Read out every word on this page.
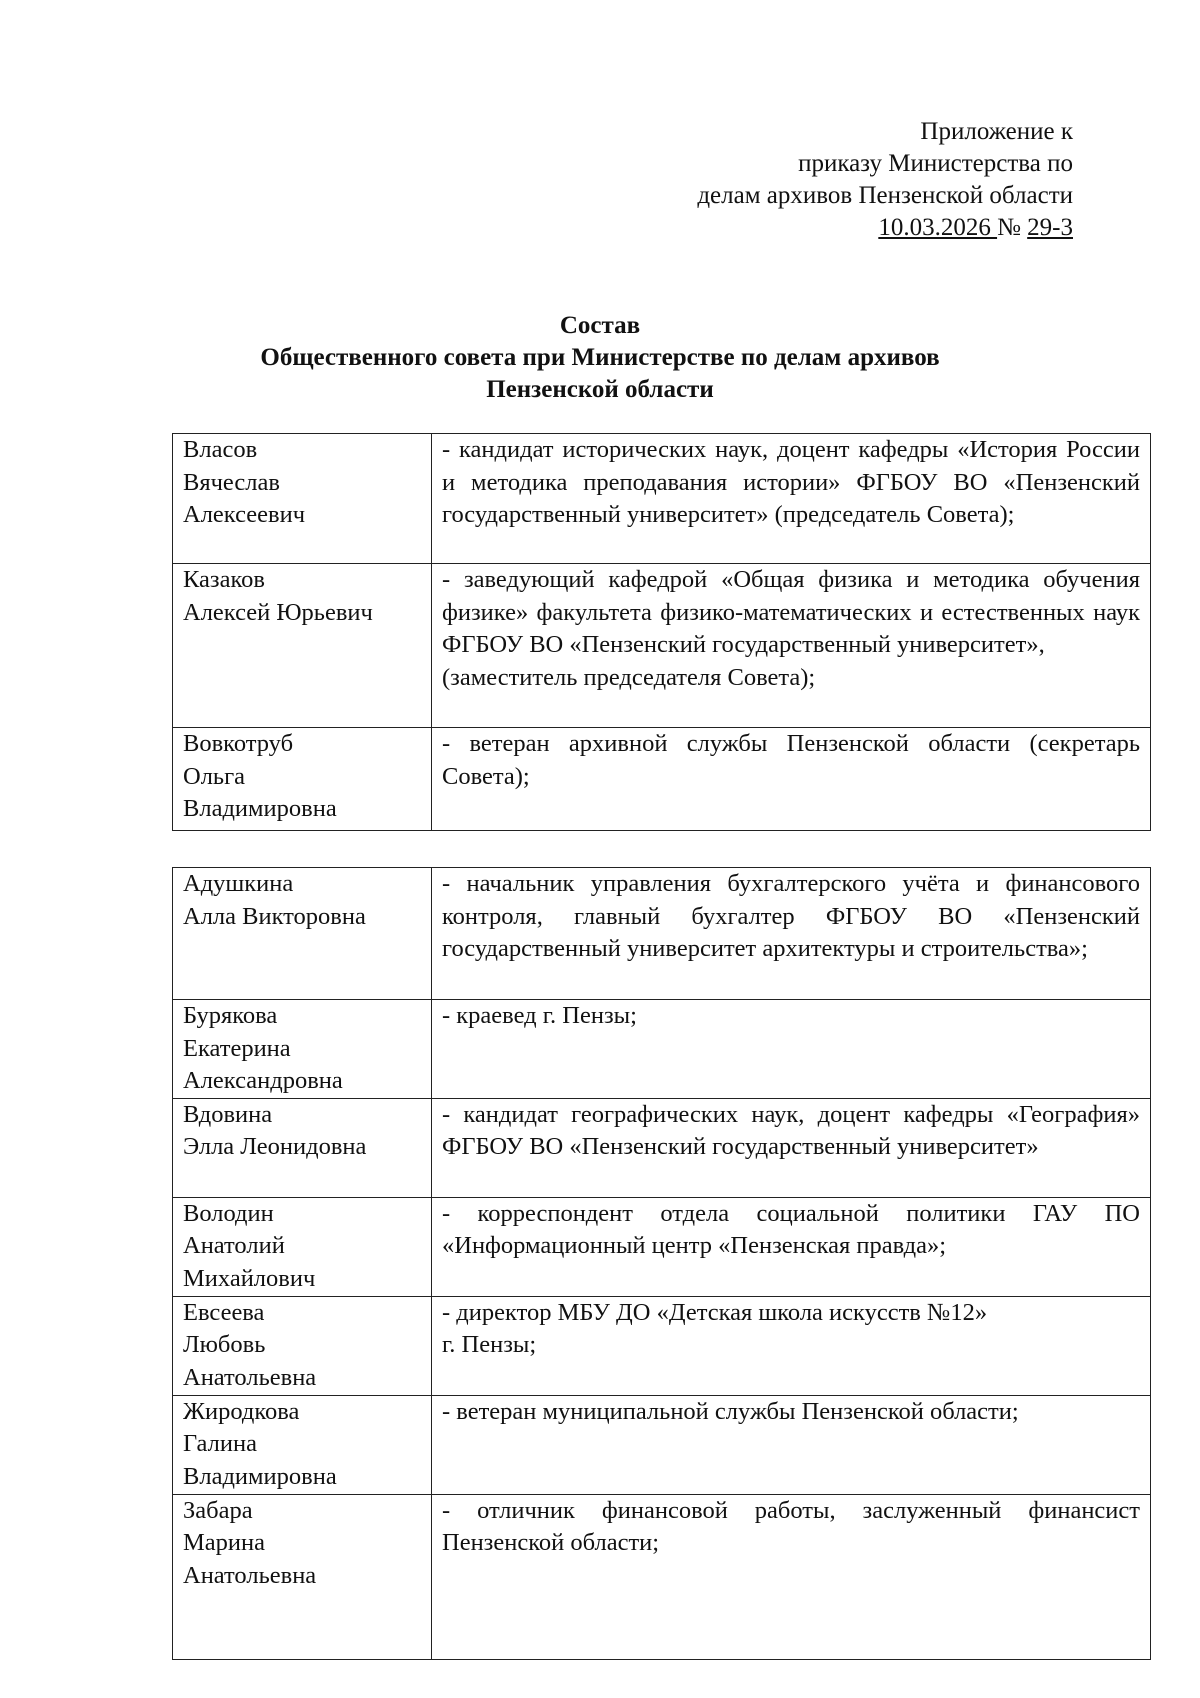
Приложение к
приказу Министерства по
делам архивов Пензенской области
10.03.2026 № 29-3
Состав
Общественного совета при Министерстве по делам архивов
Пензенской области
Власов
Вячеслав
Алексеевич	- кандидат исторических наук, доцент кафедры «История России и методика преподавания истории» ФГБОУ ВО «Пензенский государственный университет» (председатель Совета);
Казаков
Алексей Юрьевич	- заведующий кафедрой «Общая физика и методика обучения физике» факультета физико-математических и естественных наук ФГБОУ ВО «Пензенский государственный университет»,
(заместитель председателя Совета);
Вовкотруб
Ольга
Владимировна	- ветеран архивной службы Пензенской области (секретарь Совета);
Адушкина
Алла Викторовна	- начальник управления бухгалтерского учёта и финансового контроля, главный бухгалтер ФГБОУ ВО «Пензенский государственный университет архитектуры и строительства»;
Бурякова
Екатерина
Александровна	- краевед г. Пензы;
Вдовина
Элла Леонидовна	- кандидат географических наук, доцент кафедры «География» ФГБОУ ВО «Пензенский государственный университет»
Володин
Анатолий
Михайлович	- корреспондент отдела социальной политики ГАУ ПО «Информационный центр «Пензенская правда»;
Евсеева
Любовь
Анатольевна	- директор МБУ ДО «Детская школа искусств №12»
г. Пензы;
Жиродкова
Галина
Владимировна	- ветеран муниципальной службы Пензенской области;
Забара
Марина
Анатольевна	- отличник финансовой работы, заслуженный финансист Пензенской области;
